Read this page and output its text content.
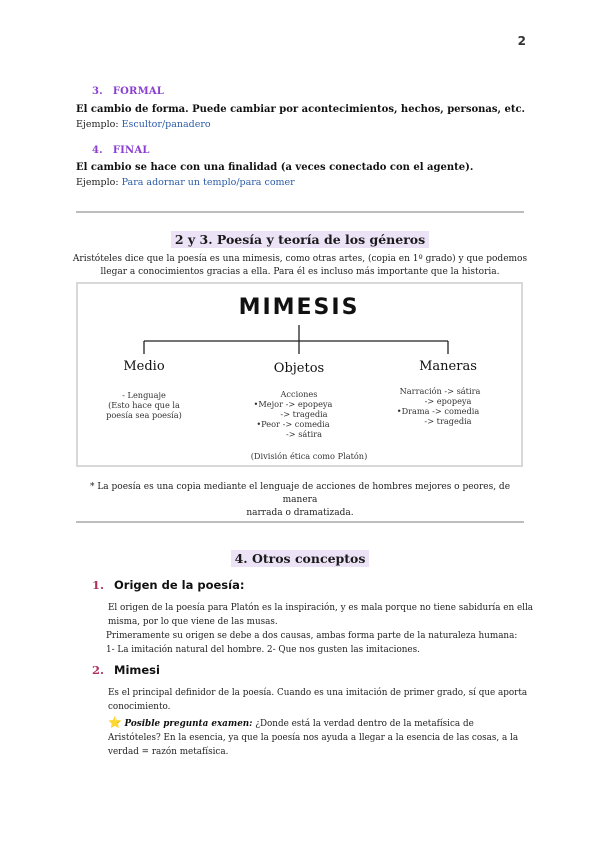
2
3. FORMAL
El cambio de forma. Puede cambiar por acontecimientos, hechos, personas, etc.
Ejemplo: Escultor/panadero
4. FINAL
El cambio se hace con una finalidad (a veces conectado con el agente).
Ejemplo: Para adornar un templo/para comer
2 y 3. Poesía y teoría de los géneros
Aristóteles dice que la poesía es una mimesis, como otras artes, (copia en 1º grado) y que podemos
llegar a conocimientos gracias a ella. Para él es incluso más importante que la historia.
MIMESIS
Medio	Objetos	Maneras
- Lenguaje
(Esto hace que la
poesía sea poesía)
Acciones
•Mejor -> epopeya
-> tragedia
•Peor -> comedia
-> sátira
Narración -> sátira
-> epopeya
•Drama -> comedia
-> tragedia
(División ética como Platón)
* La poesía es una copia mediante el lenguaje de acciones de hombres mejores o peores, de manera
narrada o dramatizada.
4. Otros conceptos
1. Origen de la poesía:
El origen de la poesía para Platón es la inspiración, y es mala porque no tiene sabiduría en ella
misma, por lo que viene de las musas.
Primeramente su origen se debe a dos causas, ambas forma parte de la naturaleza humana:
1- La imitación natural del hombre. 2- Que nos gusten las imitaciones.
2. Mimesi
Es el principal definidor de la poesía. Cuando es una imitación de primer grado, sí que aporta
conocimiento.
⭐ Posible pregunta examen: ¿Donde está la verdad dentro de la metafísica de
Aristóteles? En la esencia, ya que la poesía nos ayuda a llegar a la esencia de las cosas, a la
verdad = razón metafísica.
